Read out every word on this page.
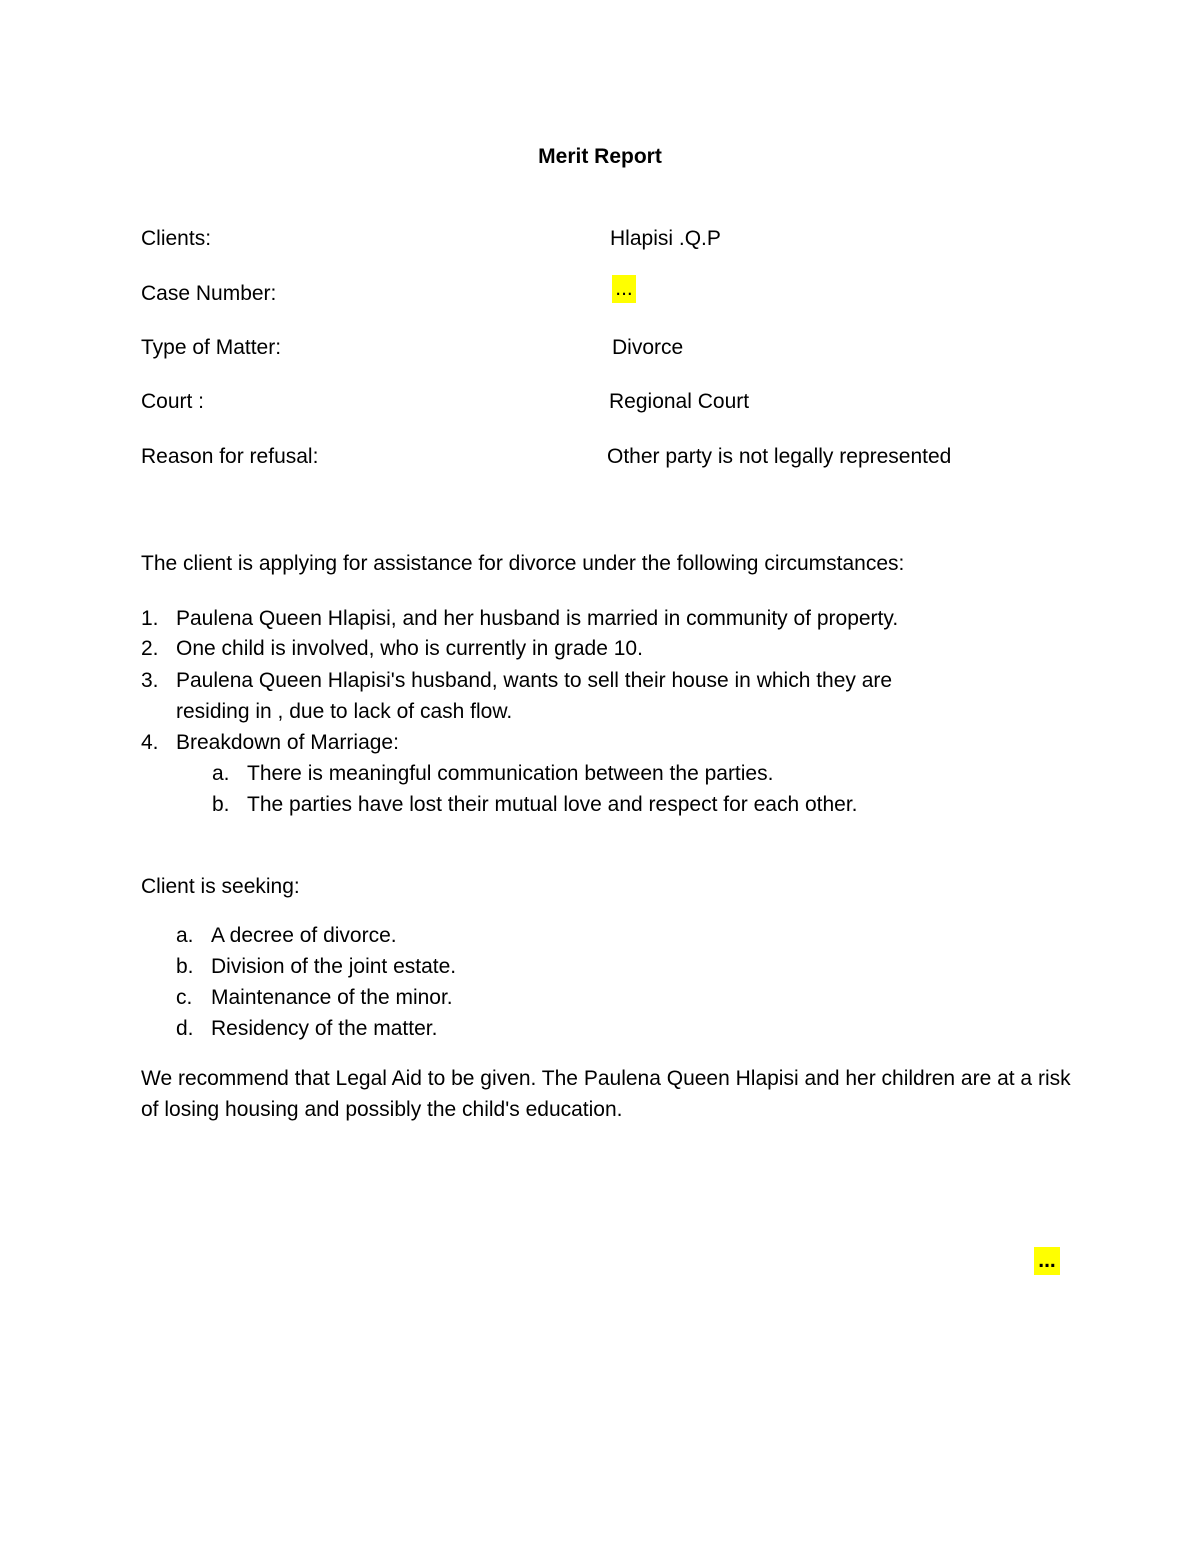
Merit Report
Clients:	Hlapisi .Q.P
Case Number:	...
Type of Matter:	Divorce
Court :	Regional Court
Reason for refusal:	Other party is not legally represented
The client is applying for assistance for divorce under the following circumstances:
1. Paulena Queen Hlapisi, and her husband is married in community of property.
2. One child is involved, who is currently in grade 10.
3. Paulena Queen Hlapisi's husband, wants to sell their house in which they are
residing in , due to lack of cash flow.
4. Breakdown of Marriage:
a. There is meaningful communication between the parties.
b. The parties have lost their mutual love and respect for each other.
Client is seeking:
a. A decree of divorce.
b. Division of the joint estate.
c. Maintenance of the minor.
d. Residency of the matter.
We recommend that Legal Aid to be given. The Paulena Queen Hlapisi and her children are at a risk of losing housing and possibly the child's education.
...
